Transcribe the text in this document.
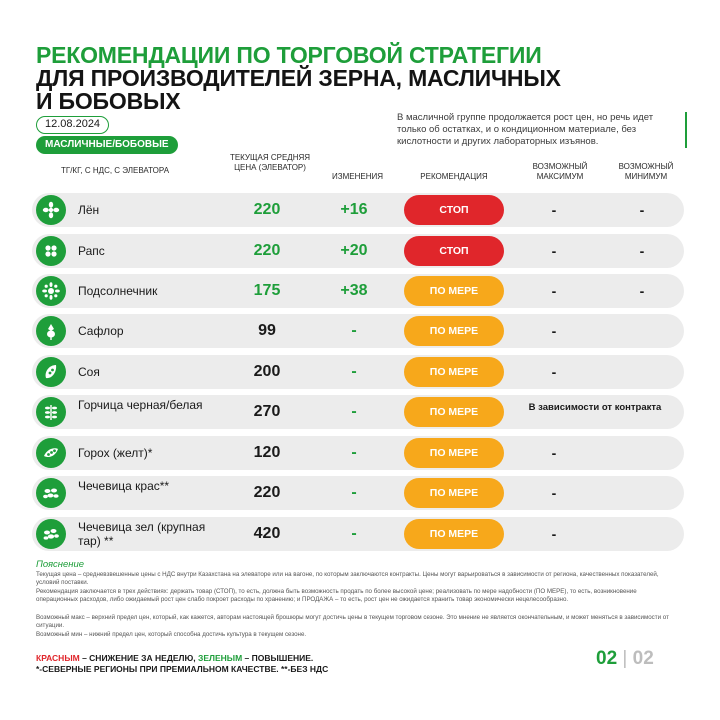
РЕКОМЕНДАЦИИ ПО ТОРГОВОЙ СТРАТЕГИИ
ДЛЯ ПРОИЗВОДИТЕЛЕЙ ЗЕРНА, МАСЛИЧНЫХ
И БОБОВЫХ
12.08.2024
МАСЛИЧНЫЕ/БОБОВЫЕ
В масличной группе продолжается рост цен, но речь идет только об остатках, и о кондиционном материале, без кислотности и других лабораторных изъянов.
ТГ/КГ, С НДС, С ЭЛЕВАТОРА
ТЕКУЩАЯ СРЕДНЯЯ ЦЕНА (ЭЛЕВАТОР)
ИЗМЕНЕНИЯ	РЕКОМЕНДАЦИЯ
ВОЗМОЖНЫЙ МАКСИМУМ
ВОЗМОЖНЫЙ МИНИМУМ
Лён	220	+16	СТОП	-	-
Рапс	220	+20	СТОП	-	-
Подсолнечник	175	+38	ПО МЕРЕ	-	-
Сафлор	99	-	ПО МЕРЕ	-
Соя	200	-	ПО МЕРЕ	-
Горчица черная/белая	270	-	ПО МЕРЕ	В зависимости от контракта
Горох (желт)*	120	-	ПО МЕРЕ	-
Чечевица крас**	220	-	ПО МЕРЕ	-
Чечевица зел (крупная тар) **	420	-	ПО МЕРЕ	-
Пояснение
Текущая цена – средневзвешенные цены с НДС внутри Казахстана на элеваторе или на вагоне, по которым заключаются контракты. Цены могут варьироваться в зависимости от региона, качественных показателей, условий поставки.
Рекомендация заключается в трех действиях: держать товар (СТОП), то есть, должна быть возможность продать по более высокой цене; реализовать по мере надобности (ПО МЕРЕ), то есть, возникновение операционных расходов, либо ожидаемый рост цен слабо покроет расходы по хранению; и ПРОДАЖА – то есть, рост цен не ожидается хранить товар экономически нецелесообразно.
Возможный макс – верхний предел цен, который, как кажется, авторам настоящей брошюры могут достичь цены в текущем торговом сезоне. Это мнение не является окончательным, и может меняться в зависимости от ситуации.
Возможный мин – нижний предел цен, который способна достичь культура в текущем сезоне.
КРАСНЫМ – СНИЖЕНИЕ ЗА НЕДЕЛЮ, ЗЕЛЕНЫМ – ПОВЫШЕНИЕ.
*-СЕВЕРНЫЕ РЕГИОНЫ ПРИ ПРЕМИАЛЬНОМ КАЧЕСТВЕ. **-БЕЗ НДС	02 | 02
